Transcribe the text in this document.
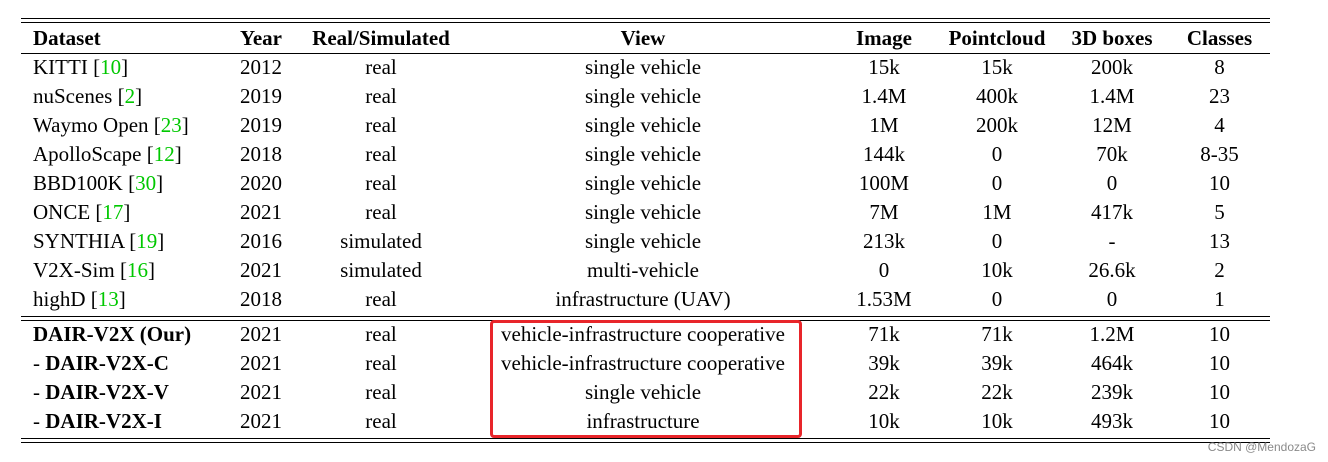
Dataset	Year	Real/Simulated	View	Image	Pointcloud	3D boxes	Classes
KITTI [10]	2012	real	single vehicle	15k	15k	200k	8
nuScenes [2]	2019	real	single vehicle	1.4M	400k	1.4M	23
Waymo Open [23]	2019	real	single vehicle	1M	200k	12M	4
ApolloScape [12]	2018	real	single vehicle	144k	0	70k	8-35
BBD100K [30]	2020	real	single vehicle	100M	0	0	10
ONCE [17]	2021	real	single vehicle	7M	1M	417k	5
SYNTHIA [19]	2016	simulated	single vehicle	213k	0	-	13
V2X-Sim [16]	2021	simulated	multi-vehicle	0	10k	26.6k	2
highD [13]	2018	real	infrastructure (UAV)	1.53M	0	0	1

DAIR-V2X (Our)	2021	real	vehicle-infrastructure cooperative	71k	71k	1.2M	10
- DAIR-V2X-C	2021	real	vehicle-infrastructure cooperative	39k	39k	464k	10
- DAIR-V2X-V	2021	real	single vehicle	22k	22k	239k	10
- DAIR-V2X-I	2021	real	infrastructure	10k	10k	493k	10
CSDN @MendozaG
